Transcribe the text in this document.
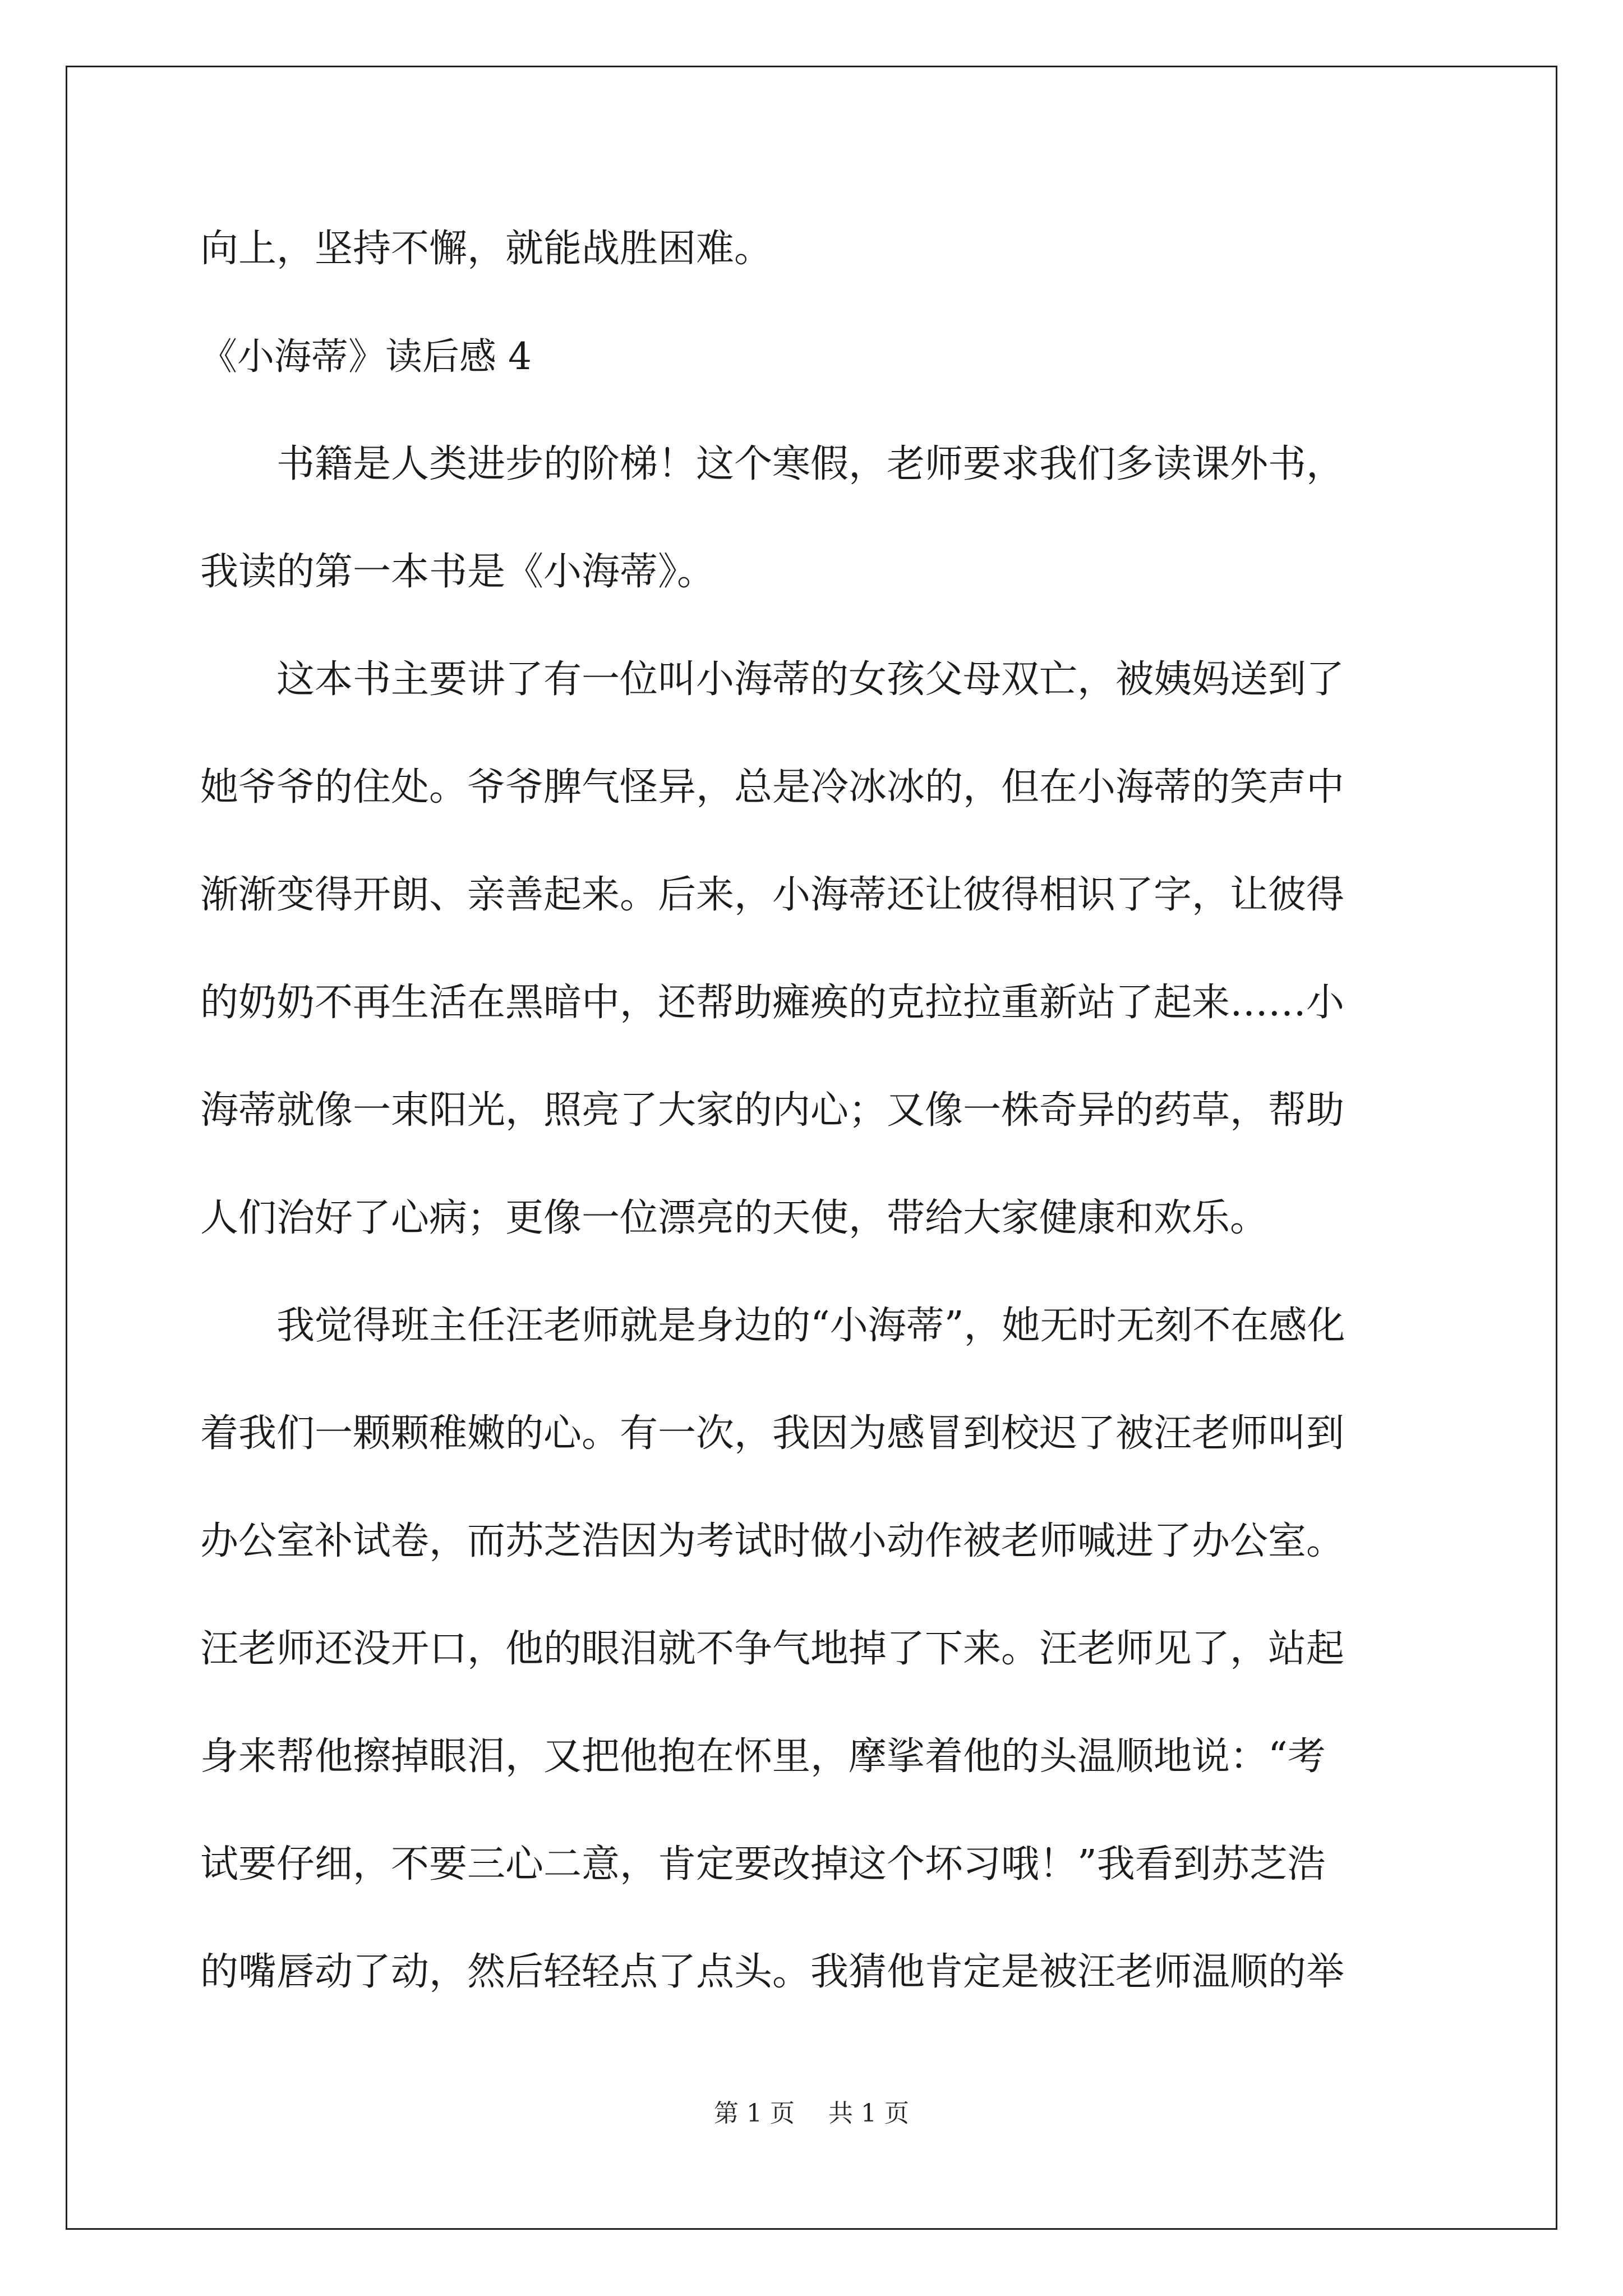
向上，坚持不懈，就能战胜困难。
《小海蒂》读后感 4
书籍是人类进步的阶梯！这个寒假，老师要求我们多读课外书，
我读的第一本书是《小海蒂》。
这本书主要讲了有一位叫小海蒂的女孩父母双亡，被姨妈送到了
她爷爷的住处。爷爷脾气怪异，总是冷冰冰的，但在小海蒂的笑声中
渐渐变得开朗、亲善起来。后来，小海蒂还让彼得相识了字，让彼得
的奶奶不再生活在黑暗中，还帮助瘫痪的克拉拉重新站了起来……小
海蒂就像一束阳光，照亮了大家的内心；又像一株奇异的药草，帮助
人们治好了心病；更像一位漂亮的天使，带给大家健康和欢乐。
我觉得班主任汪老师就是身边的“小海蒂”，她无时无刻不在感化
着我们一颗颗稚嫩的心。有一次，我因为感冒到校迟了被汪老师叫到
办公室补试卷，而苏芝浩因为考试时做小动作被老师喊进了办公室。
汪老师还没开口，他的眼泪就不争气地掉了下来。汪老师见了，站起
身来帮他擦掉眼泪，又把他抱在怀里，摩挲着他的头温顺地说：“考
试要仔细，不要三心二意，肯定要改掉这个坏习哦！”我看到苏芝浩
的嘴唇动了动，然后轻轻点了点头。我猜他肯定是被汪老师温顺的举
第 1 页 共 1 页
